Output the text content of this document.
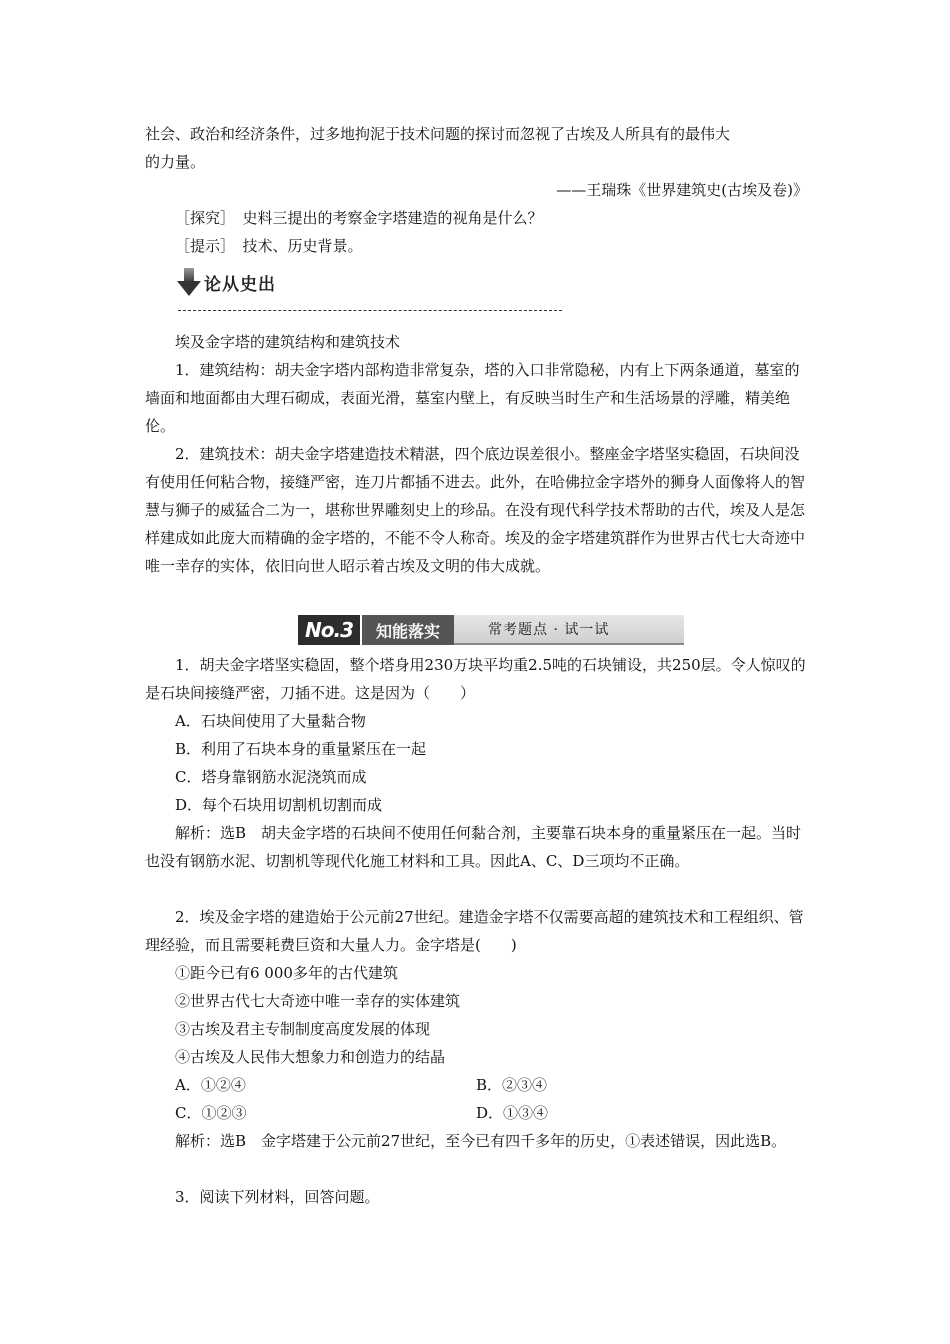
社会、政治和经济条件，过多地拘泥于技术问题的探讨而忽视了古埃及人所具有的最伟大
的力量。
——王瑞珠《世界建筑史(古埃及卷)》
［探究］　史料三提出的考察金字塔建造的视角是什么？
［提示］　技术、历史背景。
论从史出
埃及金字塔的建筑结构和建筑技术

1．建筑结构：胡夫金字塔内部构造非常复杂，塔的入口非常隐秘，内有上下两条通道，墓室的墙面和地面都由大理石砌成，表面光滑，墓室内壁上，有反映当时生产和生活场景的浮雕，精美绝伦。

2．建筑技术：胡夫金字塔建造技术精湛，四个底边误差很小。整座金字塔坚实稳固，石块间没有使用任何粘合物，接缝严密，连刀片都插不进去。此外，在哈佛拉金字塔外的狮身人面像将人的智慧与狮子的威猛合二为一，堪称世界雕刻史上的珍品。在没有现代科学技术帮助的古代，埃及人是怎样建成如此庞大而精确的金字塔的，不能不令人称奇。埃及的金字塔建筑群作为世界古代七大奇迹中唯一幸存的实体，依旧向世人昭示着古埃及文明的伟大成就。

No.3	知能落实	常考题点 · 试一试

1．胡夫金字塔坚实稳固，整个塔身用230万块平均重2.5吨的石块铺设，共250层。令人惊叹的是石块间接缝严密，刀插不进。这是因为（　　）

A．石块间使用了大量黏合物
B．利用了石块本身的重量紧压在一起
C．塔身靠钢筋水泥浇筑而成
D．每个石块用切割机切割而成

解析：选B　胡夫金字塔的石块间不使用任何黏合剂，主要靠石块本身的重量紧压在一起。当时也没有钢筋水泥、切割机等现代化施工材料和工具。因此A、C、D三项均不正确。

2．埃及金字塔的建造始于公元前27世纪。建造金字塔不仅需要高超的建筑技术和工程组织、管理经验，而且需要耗费巨资和大量人力。金字塔是(　　)

①距今已有6 000多年的古代建筑
②世界古代七大奇迹中唯一幸存的实体建筑
③古埃及君主专制制度高度发展的体现
④古埃及人民伟大想象力和创造力的结晶
A．①②④	B．②③④
C．①②③	D．①③④

解析：选B　金字塔建于公元前27世纪，至今已有四千多年的历史，①表述错误，因此选B。

3．阅读下列材料，回答问题。
